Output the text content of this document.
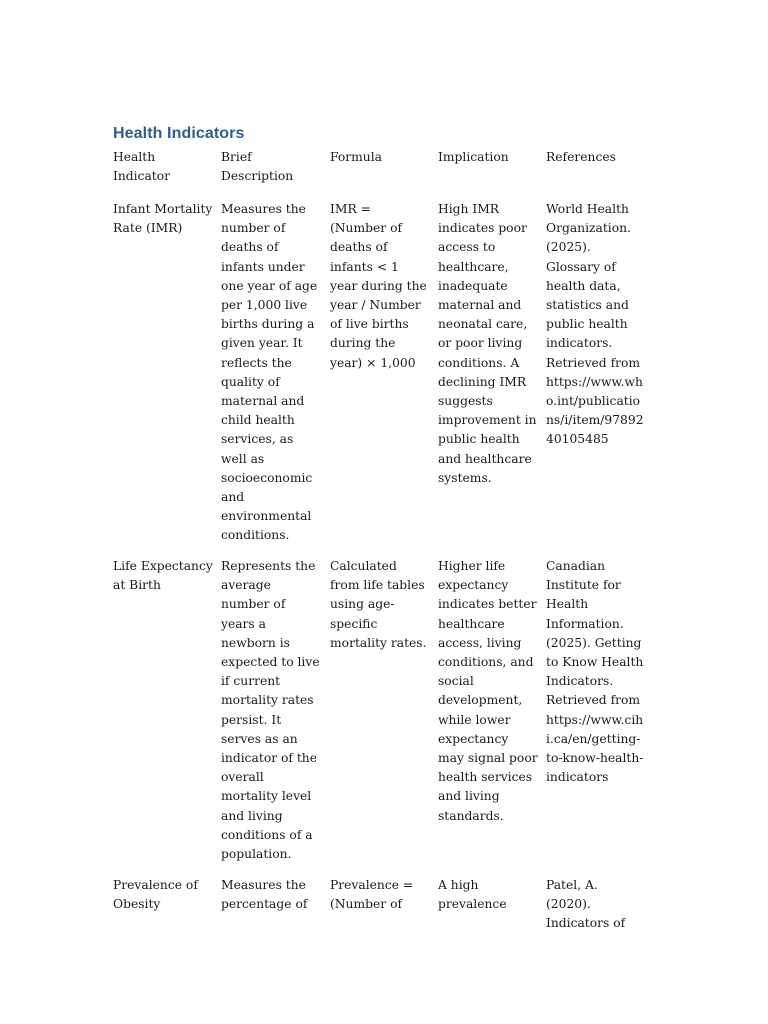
Health Indicators
Health Indicator
Brief Description
Formula	Implication	References
Infant Mortality Rate (IMR)
Measures the number of deaths of infants under one year of age per 1,000 live births during a given year. It reflects the quality of maternal and child health services, as well as socioeconomic and environmental conditions.
IMR = (Number of deaths of infants < 1 year during the year / Number of live births during the year) × 1,000
High IMR indicates poor access to healthcare, inadequate maternal and neonatal care, or poor living conditions. A declining IMR suggests improvement in public health and healthcare systems.
World Health Organization. (2025). Glossary of health data, statistics and public health indicators. Retrieved from https://www.who.int/publications/i/item/9789240105485
Life Expectancy at Birth
Represents the average number of years a newborn is expected to live if current mortality rates persist. It serves as an indicator of the overall mortality level and living conditions of a population.
Calculated from life tables using age-specific mortality rates.
Higher life expectancy indicates better healthcare access, living conditions, and social development, while lower expectancy may signal poor health services and living standards.
Canadian Institute for Health Information. (2025). Getting to Know Health Indicators. Retrieved from https://www.cihi.ca/en/getting-to-know-health-indicators
Prevalence of Obesity
Measures the percentage of
Prevalence = (Number of
A high prevalence
Patel, A. (2020). Indicators of
